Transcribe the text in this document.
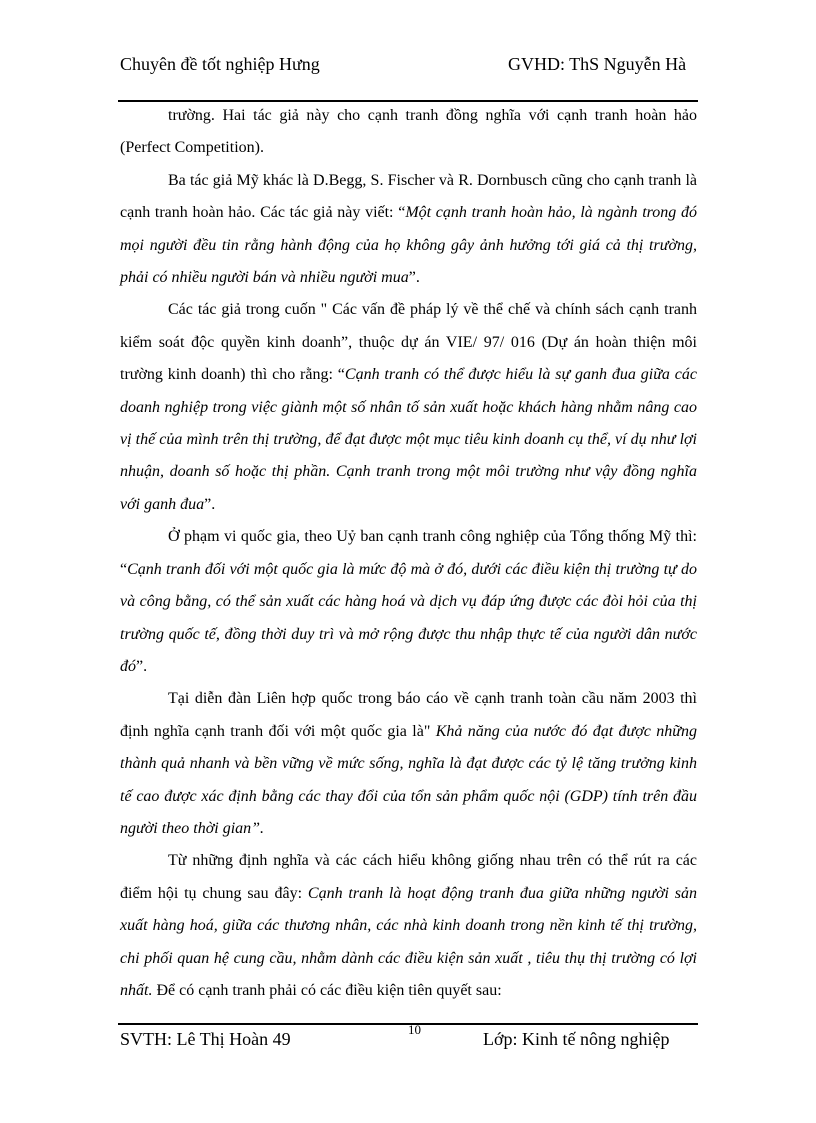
Chuyên đề tốt nghiệp Hưng	GVHD: ThS Nguyễn Hà

trường. Hai tác giả này cho cạnh tranh đồng nghĩa với cạnh tranh hoàn hảo (Perfect Competition).

Ba tác giả Mỹ khác là D.Begg, S. Fischer và R. Dornbusch cũng cho cạnh tranh là cạnh tranh hoàn hảo. Các tác giả này viết: “Một cạnh tranh hoàn hảo, là ngành trong đó mọi người đều tin rằng hành động của họ không gây ảnh hưởng tới giá cả thị trường, phải có nhiều người bán và nhiều người mua”.

Các tác giả trong cuốn " Các vấn đề pháp lý về thể chế và chính sách cạnh tranh kiểm soát độc quyền kinh doanh”, thuộc dự án VIE/ 97/ 016 (Dự án hoàn thiện môi trường kinh doanh) thì cho rằng: “Cạnh tranh có thể được hiểu là sự ganh đua giữa các doanh nghiệp trong việc giành một số nhân tố sản xuất hoặc khách hàng nhằm nâng cao vị thế của mình trên thị trường, để đạt được một mục tiêu kinh doanh cụ thể, ví dụ như lợi nhuận, doanh số hoặc thị phần. Cạnh tranh trong một môi trường như vậy đồng nghĩa với ganh đua”.

Ở phạm vi quốc gia, theo Uỷ ban cạnh tranh công nghiệp của Tổng thống Mỹ thì: “Cạnh tranh đối với một quốc gia là mức độ mà ở đó, dưới các điều kiện thị trường tự do và công bằng, có thể sản xuất các hàng hoá và dịch vụ đáp ứng được các đòi hỏi của thị trường quốc tế, đồng thời duy trì và mở rộng được thu nhập thực tế của người dân nước đó”.

Tại diễn đàn Liên hợp quốc trong báo cáo về cạnh tranh toàn cầu năm 2003 thì định nghĩa cạnh tranh đối với một quốc gia là" Khả năng của nước đó đạt được những thành quả nhanh và bền vững về mức sống, nghĩa là đạt được các tỷ lệ tăng trưởng kinh tế cao được xác định bằng các thay đổi của tổn sản phẩm quốc nội (GDP) tính trên đầu người theo thời gian”.

Từ những định nghĩa và các cách hiểu không giống nhau trên có thể rút ra các điểm hội tụ chung sau đây: Cạnh tranh là hoạt động tranh đua giữa những người sản xuất hàng hoá, giữa các thương nhân, các nhà kinh doanh trong nền kinh tế thị trường, chi phối quan hệ cung cầu, nhằm dành các điều kiện sản xuất , tiêu thụ thị trường có lợi nhất. Để có cạnh tranh phải có các điều kiện tiên quyết sau:

10
SVTH: Lê Thị Hoàn 49	Lớp: Kinh tế nông nghiệp
